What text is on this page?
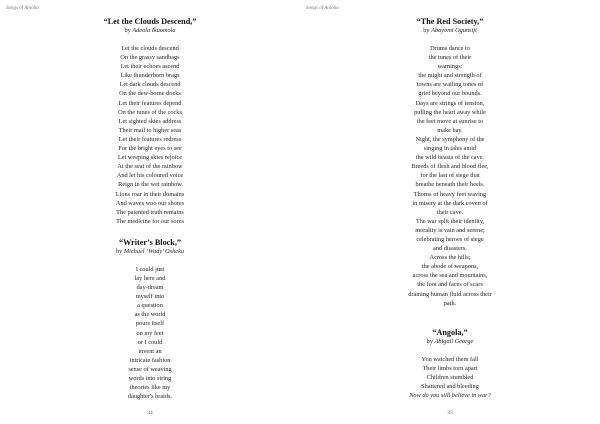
Songs of Anioba
“Let the Clouds Descend,”
by Adeola Ikuomola
Let the clouds descend
On the grassy sandbags
Let their echoes ascend
Like thunderborn brags
Let dark clouds descend
On the dew-borne docks
Let their features depend
On the tunes of the cocks
Let sighted skies address
Their mail to higher seas
Let their features redress
For the bright eyes to see
Let weeping skies rejoice
At the seat of the rainbow
And let his coloured voice
Reign in the wet rainbow
Lions roar in their domains
And waves woo our shores
The patented truth remains
The medicine for our sores
“Writer’s Block,”
by Michael ‘Wudy’ Osheku
I could just
lay here and
day-dream
myself into
a question
as the world
pours itself
on my feet
or I could
invent an
intricate fashion
sense of weaving
words into string
theories like my
daughter's braids.
34
Songs of Anioba
“The Red Society,”
by Abayomi Ogunsiji
Drums dance to
the tunes of their
warnings:
the might and strength of
towns are wailing tones of
grief beyond our bounds.
Days are strings of tension,
pulling the heart away while
the feet move at sunrise to
make bay.
Night, the symphony of the
singing in tales amid
the wild beasts of the cave.
Breeds of flesh and blood flee,
for the last of siege that
breathe beneath their heels.
Thorns of heavy feet waving
in misery at the dark coven of
their cave.
The war split their identity,
morality is vain and serene;
celebrating heroes of siege
and disasters.
Across the hills;
the abode of weapons,
across the sea and mountains,
the foot and faces of scars
draining human fluid across their
path.
“Angola,”
by Abigail George
You watched them fall
Their limbs torn apart
Children stumbled
Shattered and bleeding
Now do you still believe in war?
35
